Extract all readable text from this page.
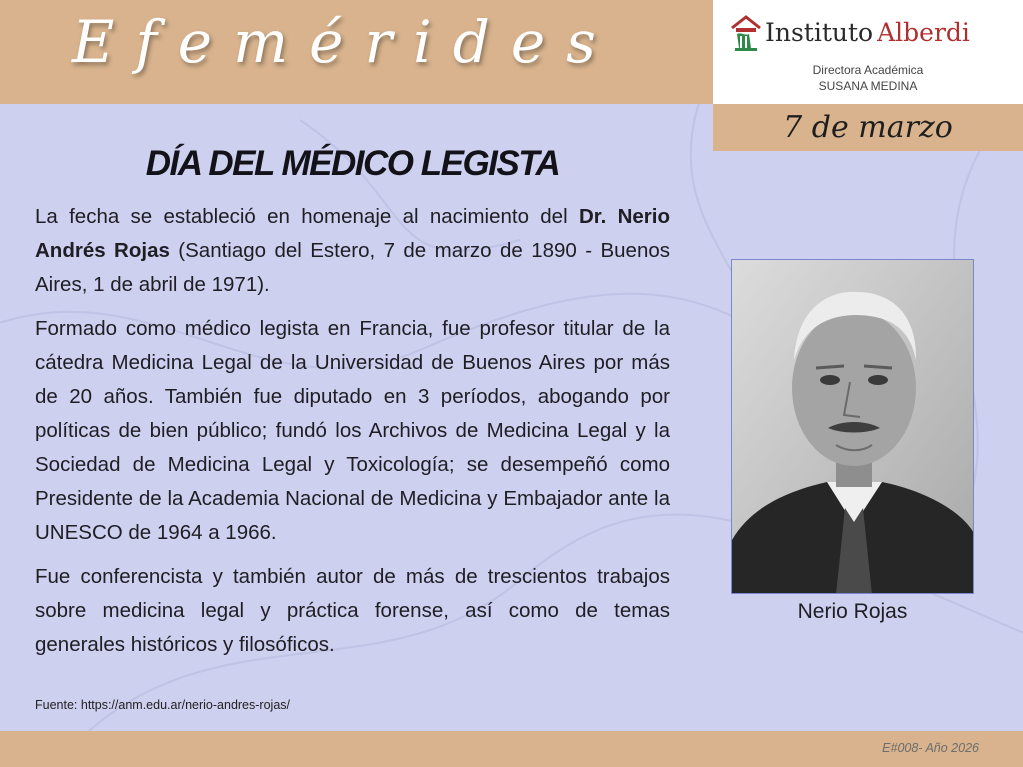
Efemérides	Instituto Alberdi
Directora Académica
SUSANA MEDINA
7 de marzo
DÍA DEL MÉDICO LEGISTA

La fecha se estableció en homenaje al nacimiento del Dr. Nerio Andrés Rojas (Santiago del Estero, 7 de marzo de 1890 - Buenos Aires, 1 de abril de 1971).

Formado como médico legista en Francia, fue profesor titular de la cátedra Medicina Legal de la Universidad de Buenos Aires por más de 20 años. También fue diputado en 3 períodos, abogando por políticas de bien público; fundó los Archivos de Medicina Legal y la Sociedad de Medicina Legal y Toxicología; se desempeñó como Presidente de la Academia Nacional de Medicina y Embajador ante la UNESCO de 1964 a 1966.

Fue conferencista y también autor de más de trescientos trabajos sobre medicina legal y práctica forense, así como de temas generales históricos y filosóficos.

Fuente: https://anm.edu.ar/nerio-andres-rojas/
Nerio Rojas
E#008- Año 2026
